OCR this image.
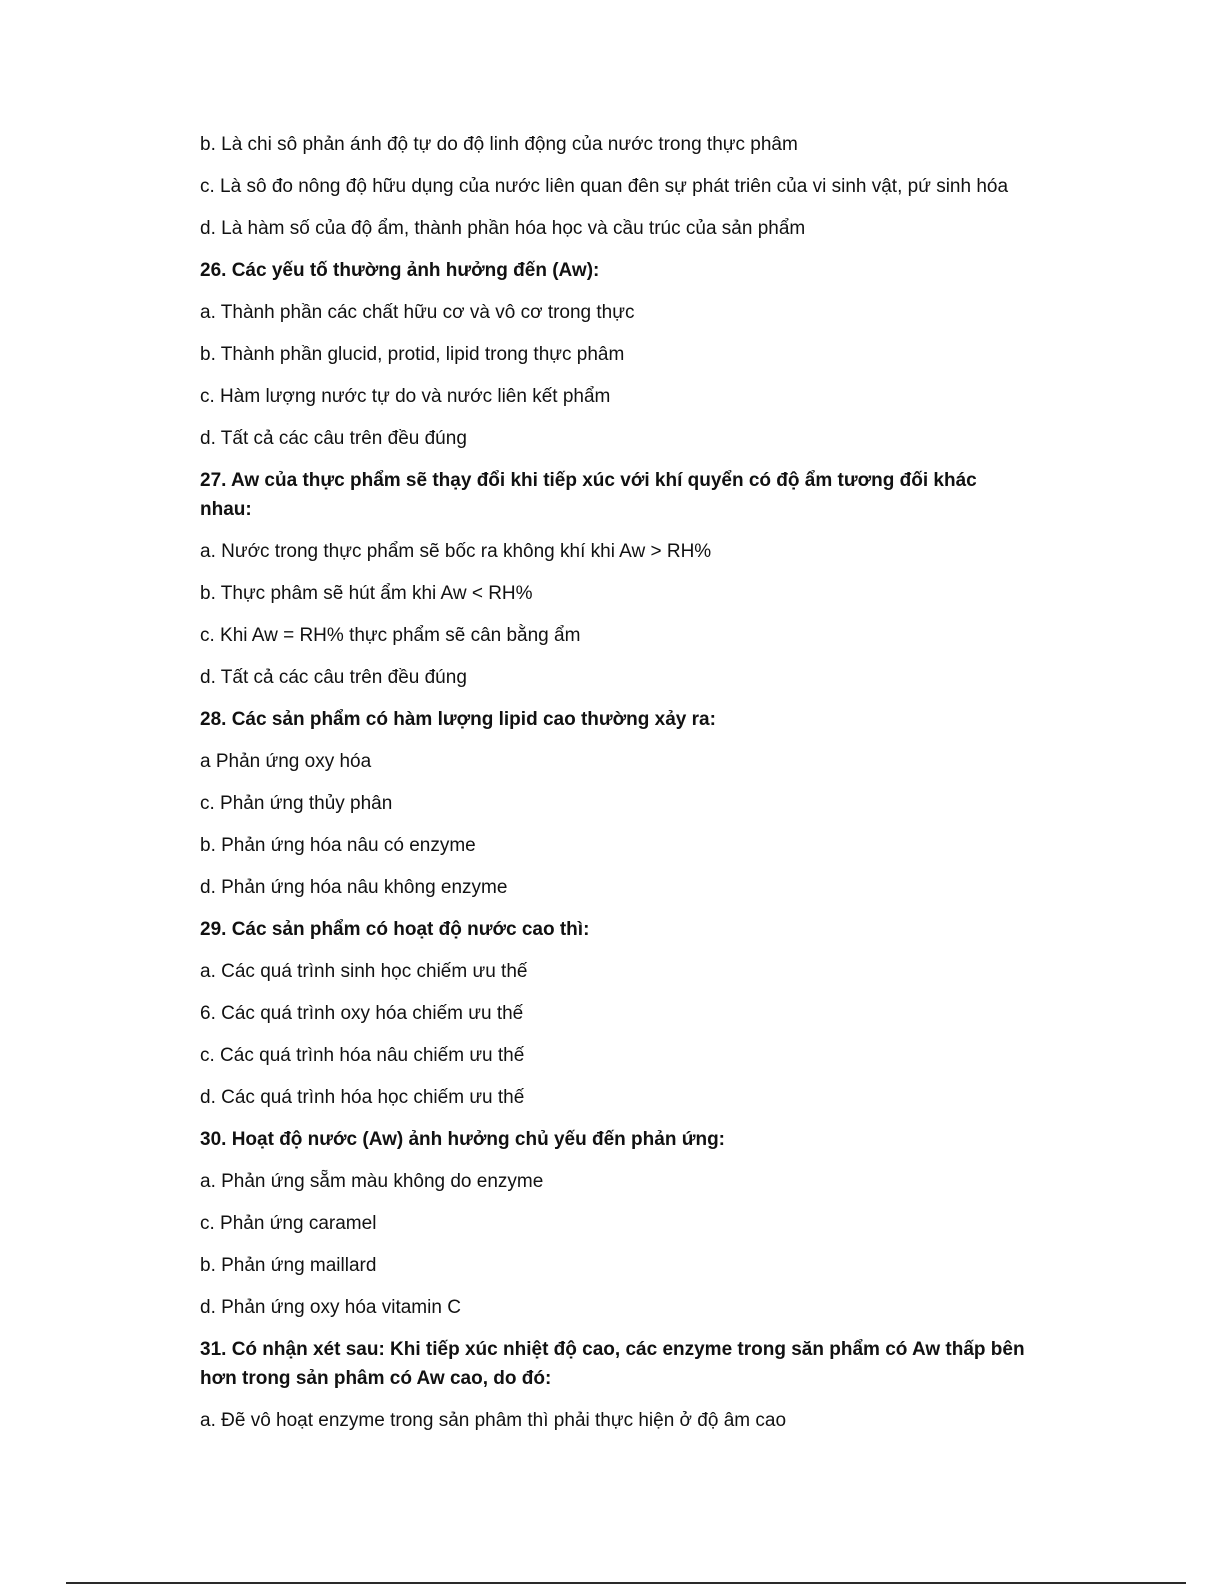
b. Là chi sô phản ánh độ tự do độ linh động của nước trong thực phâm

c. Là sô đo nông độ hữu dụng của nước liên quan đên sự phát triên của vi sinh vật, pứ sinh hóa

d. Là hàm số của độ ẩm, thành phần hóa học và cầu trúc của sản phẩm

26. Các yếu tố thường ảnh hưởng đến (Aw):

a. Thành phần các chất hữu cơ và vô cơ trong thực

b. Thành phần glucid, protid, lipid trong thực phâm

c. Hàm lượng nước tự do và nước liên kết phẩm

d. Tất cả các câu trên đều đúng

27. Aw của thực phẩm sẽ thạy đổi khi tiếp xúc với khí quyển có độ ẩm tương đối khác nhau:

a. Nước trong thực phẩm sẽ bốc ra không khí khi Aw > RH%

b. Thực phâm sẽ hút ẩm khi Aw < RH%

c. Khi Aw = RH% thực phẩm sẽ cân bằng ẩm

d. Tất cả các câu trên đều đúng

28. Các sản phẩm có hàm lượng lipid cao thường xảy ra:

a Phản ứng oxy hóa

c. Phản ứng thủy phân

b. Phản ứng hóa nâu có enzyme

d. Phản ứng hóa nâu không enzyme

29. Các sản phẩm có hoạt độ nước cao thì:

a. Các quá trình sinh học chiếm ưu thế

6. Các quá trình oxy hóa chiếm ưu thế

c. Các quá trình hóa nâu chiếm ưu thế

d. Các quá trình hóa học chiếm ưu thế

30. Hoạt độ nước (Aw) ảnh hưởng chủ yếu đến phản ứng:

a. Phản ứng sẵm màu không do enzyme

c. Phản ứng caramel

b. Phản ứng maillard

d. Phản ứng oxy hóa vitamin C

31. Có nhận xét sau: Khi tiếp xúc nhiệt độ cao, các enzyme trong săn phẩm có Aw thấp bên hơn trong sản phâm có Aw cao, do đó:

a. Đẽ vô hoạt enzyme trong sản phâm thì phải thực hiện ở độ âm cao
